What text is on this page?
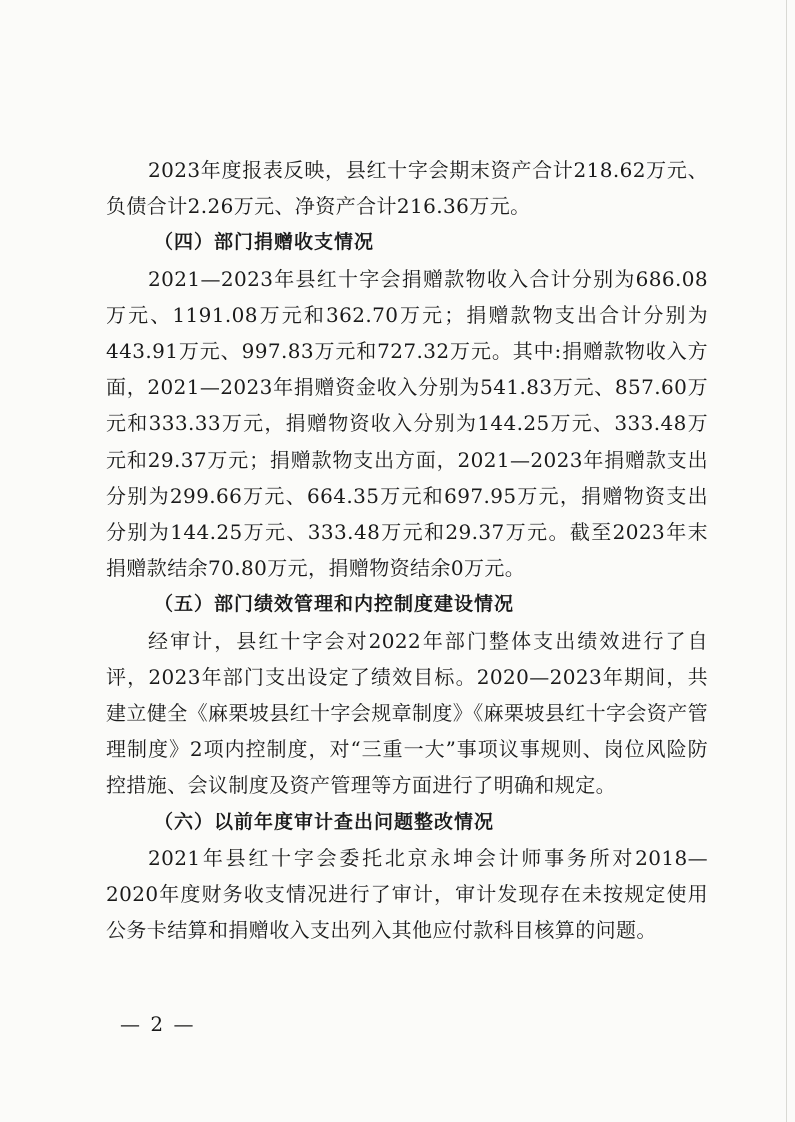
2023年度报表反映，县红十字会期末资产合计218.62万元、负债合计2.26万元、净资产合计216.36万元。

（四）部门捐赠收支情况

2021—2023年县红十字会捐赠款物收入合计分别为686.08万元、1191.08万元和362.70万元；捐赠款物支出合计分别为443.91万元、997.83万元和727.32万元。其中:捐赠款物收入方面，2021—2023年捐赠资金收入分别为541.83万元、857.60万元和333.33万元，捐赠物资收入分别为144.25万元、333.48万元和29.37万元；捐赠款物支出方面，2021—2023年捐赠款支出分别为299.66万元、664.35万元和697.95万元，捐赠物资支出分别为144.25万元、333.48万元和29.37万元。截至2023年末捐赠款结余70.80万元，捐赠物资结余0万元。

（五）部门绩效管理和内控制度建设情况

经审计，县红十字会对2022年部门整体支出绩效进行了自评，2023年部门支出设定了绩效目标。2020—2023年期间，共建立健全《麻栗坡县红十字会规章制度》《麻栗坡县红十字会资产管理制度》2项内控制度，对“三重一大”事项议事规则、岗位风险防控措施、会议制度及资产管理等方面进行了明确和规定。

（六）以前年度审计查出问题整改情况

2021年县红十字会委托北京永坤会计师事务所对2018—2020年度财务收支情况进行了审计，审计发现存在未按规定使用公务卡结算和捐赠收入支出列入其他应付款科目核算的问题。

— 2 —
